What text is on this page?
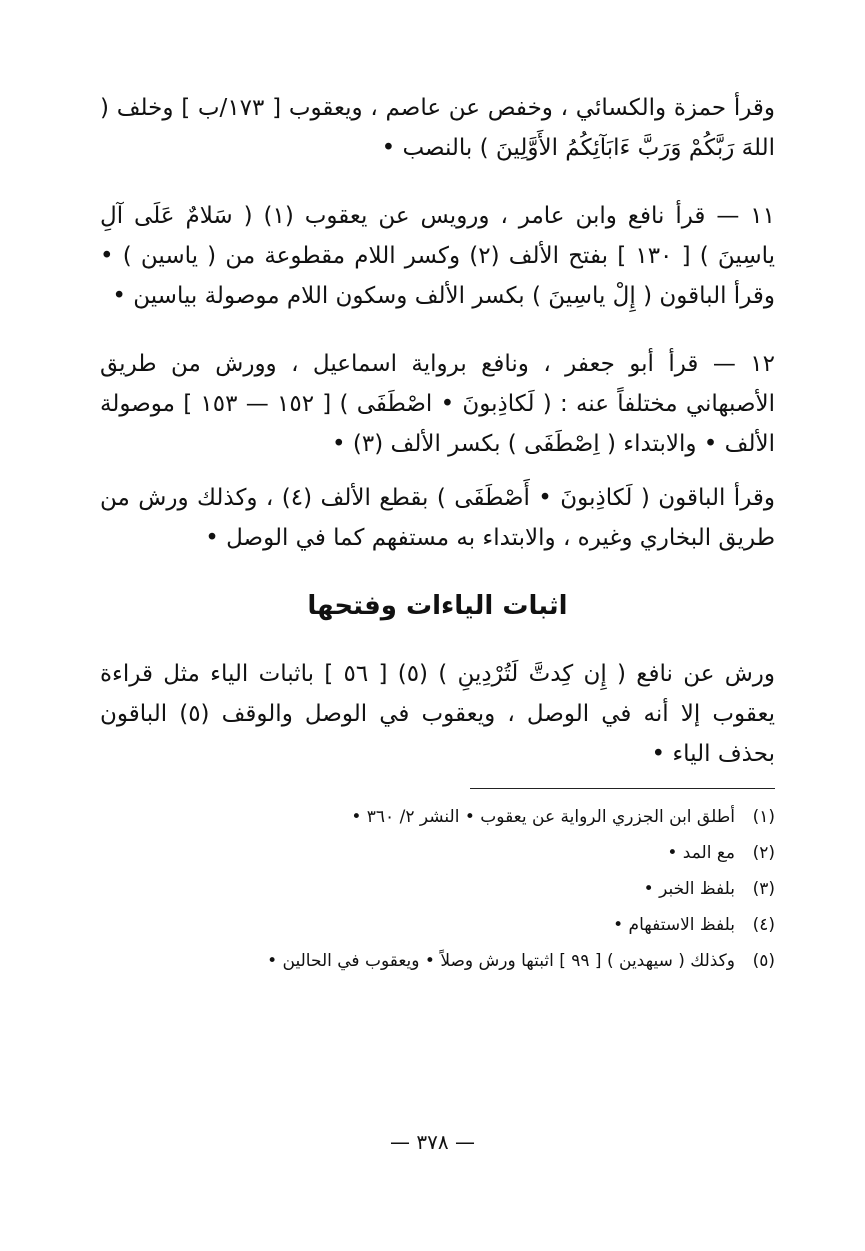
وقرأ حمزة والكسائي ، وخفص عن عاصم ، ويعقوب [ ١٧٣/ب ] وخلف ( اللهَ رَبَّكُمْ وَرَبَّ ءَابَآئِكُمُ الأَوَّلِينَ ) بالنصب •

١١ — قرأ نافع وابن عامر ، ورويس عن يعقوب (١) ( سَلامٌ عَلَى آلِ ياسِينَ ) [ ١٣٠ ] بفتح الألف (٢) وكسر اللام مقطوعة من ( ياسين ) • وقرأ الباقون ( إِلْ ياسِينَ ) بكسر الألف وسكون اللام موصولة بياسين •

١٢ — قرأ أبو جعفر ، ونافع برواية اسماعيل ، وورش من طريق الأصبهاني مختلفاً عنه : ( لَكاذِبونَ • اصْطَفَى ) [ ١٥٢ — ١٥٣ ] موصولة الألف • والابتداء ( اِصْطَفَى ) بكسر الألف (٣) •

وقرأ الباقون ( لَكاذِبونَ • أَصْطَفَى ) بقطع الألف (٤) ، وكذلك ورش من طريق البخاري وغيره ، والابتداء به مستفهم كما في الوصل •

اثبات الياءات وفتحها

ورش عن نافع ( إِن كِدتَّ لَتُرْدِينِ ) (٥) [ ٥٦ ] باثبات الياء مثل قراءة يعقوب إلا أنه في الوصل ، ويعقوب في الوصل والوقف (٥) الباقون بحذف الياء •

(١)
أطلق ابن الجزري الرواية عن يعقوب • النشر ٢/ ٣٦٠ •
(٢)
مع المد •
(٣)
بلفظ الخبر •
(٤)
بلفظ الاستفهام •
(٥)
وكذلك ( سيهدين ) [ ٩٩ ] اثبتها ورش وصلاً • ويعقوب في الحالين •
— ٣٧٨ —
